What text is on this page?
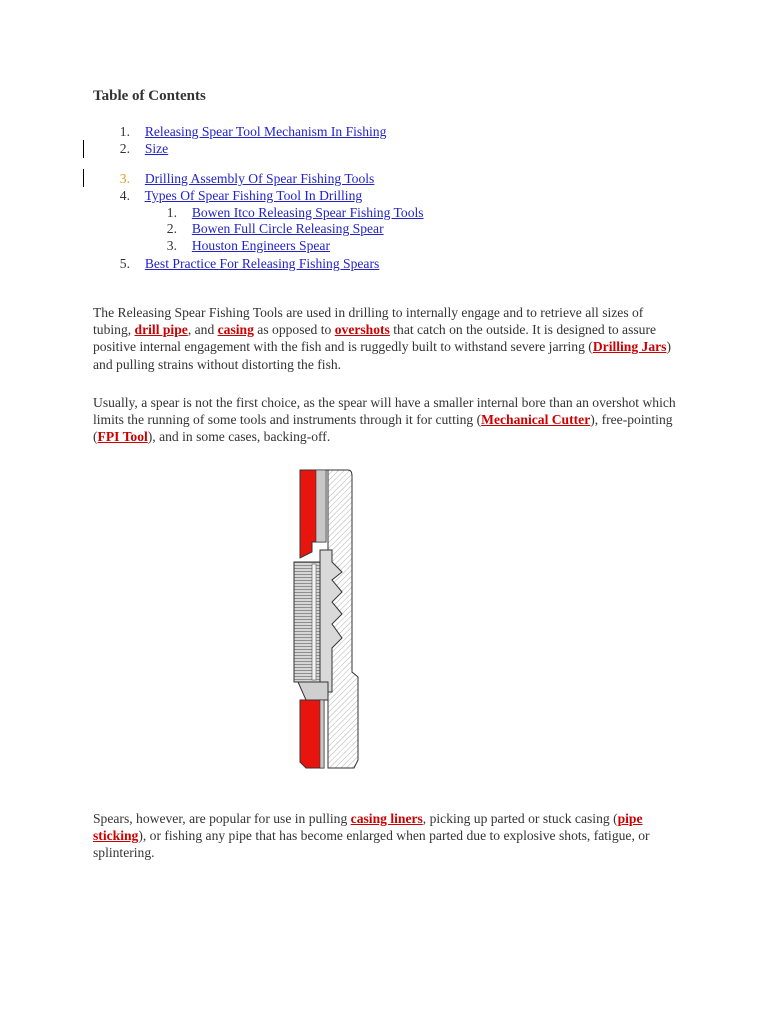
Table of Contents
1. Releasing Spear Tool Mechanism In Fishing
2. Size
3. Drilling Assembly Of Spear Fishing Tools
4. Types Of Spear Fishing Tool In Drilling
1. Bowen Itco Releasing Spear Fishing Tools
2. Bowen Full Circle Releasing Spear
3. Houston Engineers Spear
5. Best Practice For Releasing Fishing Spears
The Releasing Spear Fishing Tools are used in drilling to internally engage and to retrieve all sizes of tubing, drill pipe, and casing as opposed to overshots that catch on the outside. It is designed to assure positive internal engagement with the fish and is ruggedly built to withstand severe jarring (Drilling Jars) and pulling strains without distorting the fish.
Usually, a spear is not the first choice, as the spear will have a smaller internal bore than an overshot which limits the running of some tools and instruments through it for cutting (Mechanical Cutter), free-pointing (FPI Tool), and in some cases, backing-off.
Spears, however, are popular for use in pulling casing liners, picking up parted or stuck casing (pipe sticking), or fishing any pipe that has become enlarged when parted due to explosive shots, fatigue, or splintering.
